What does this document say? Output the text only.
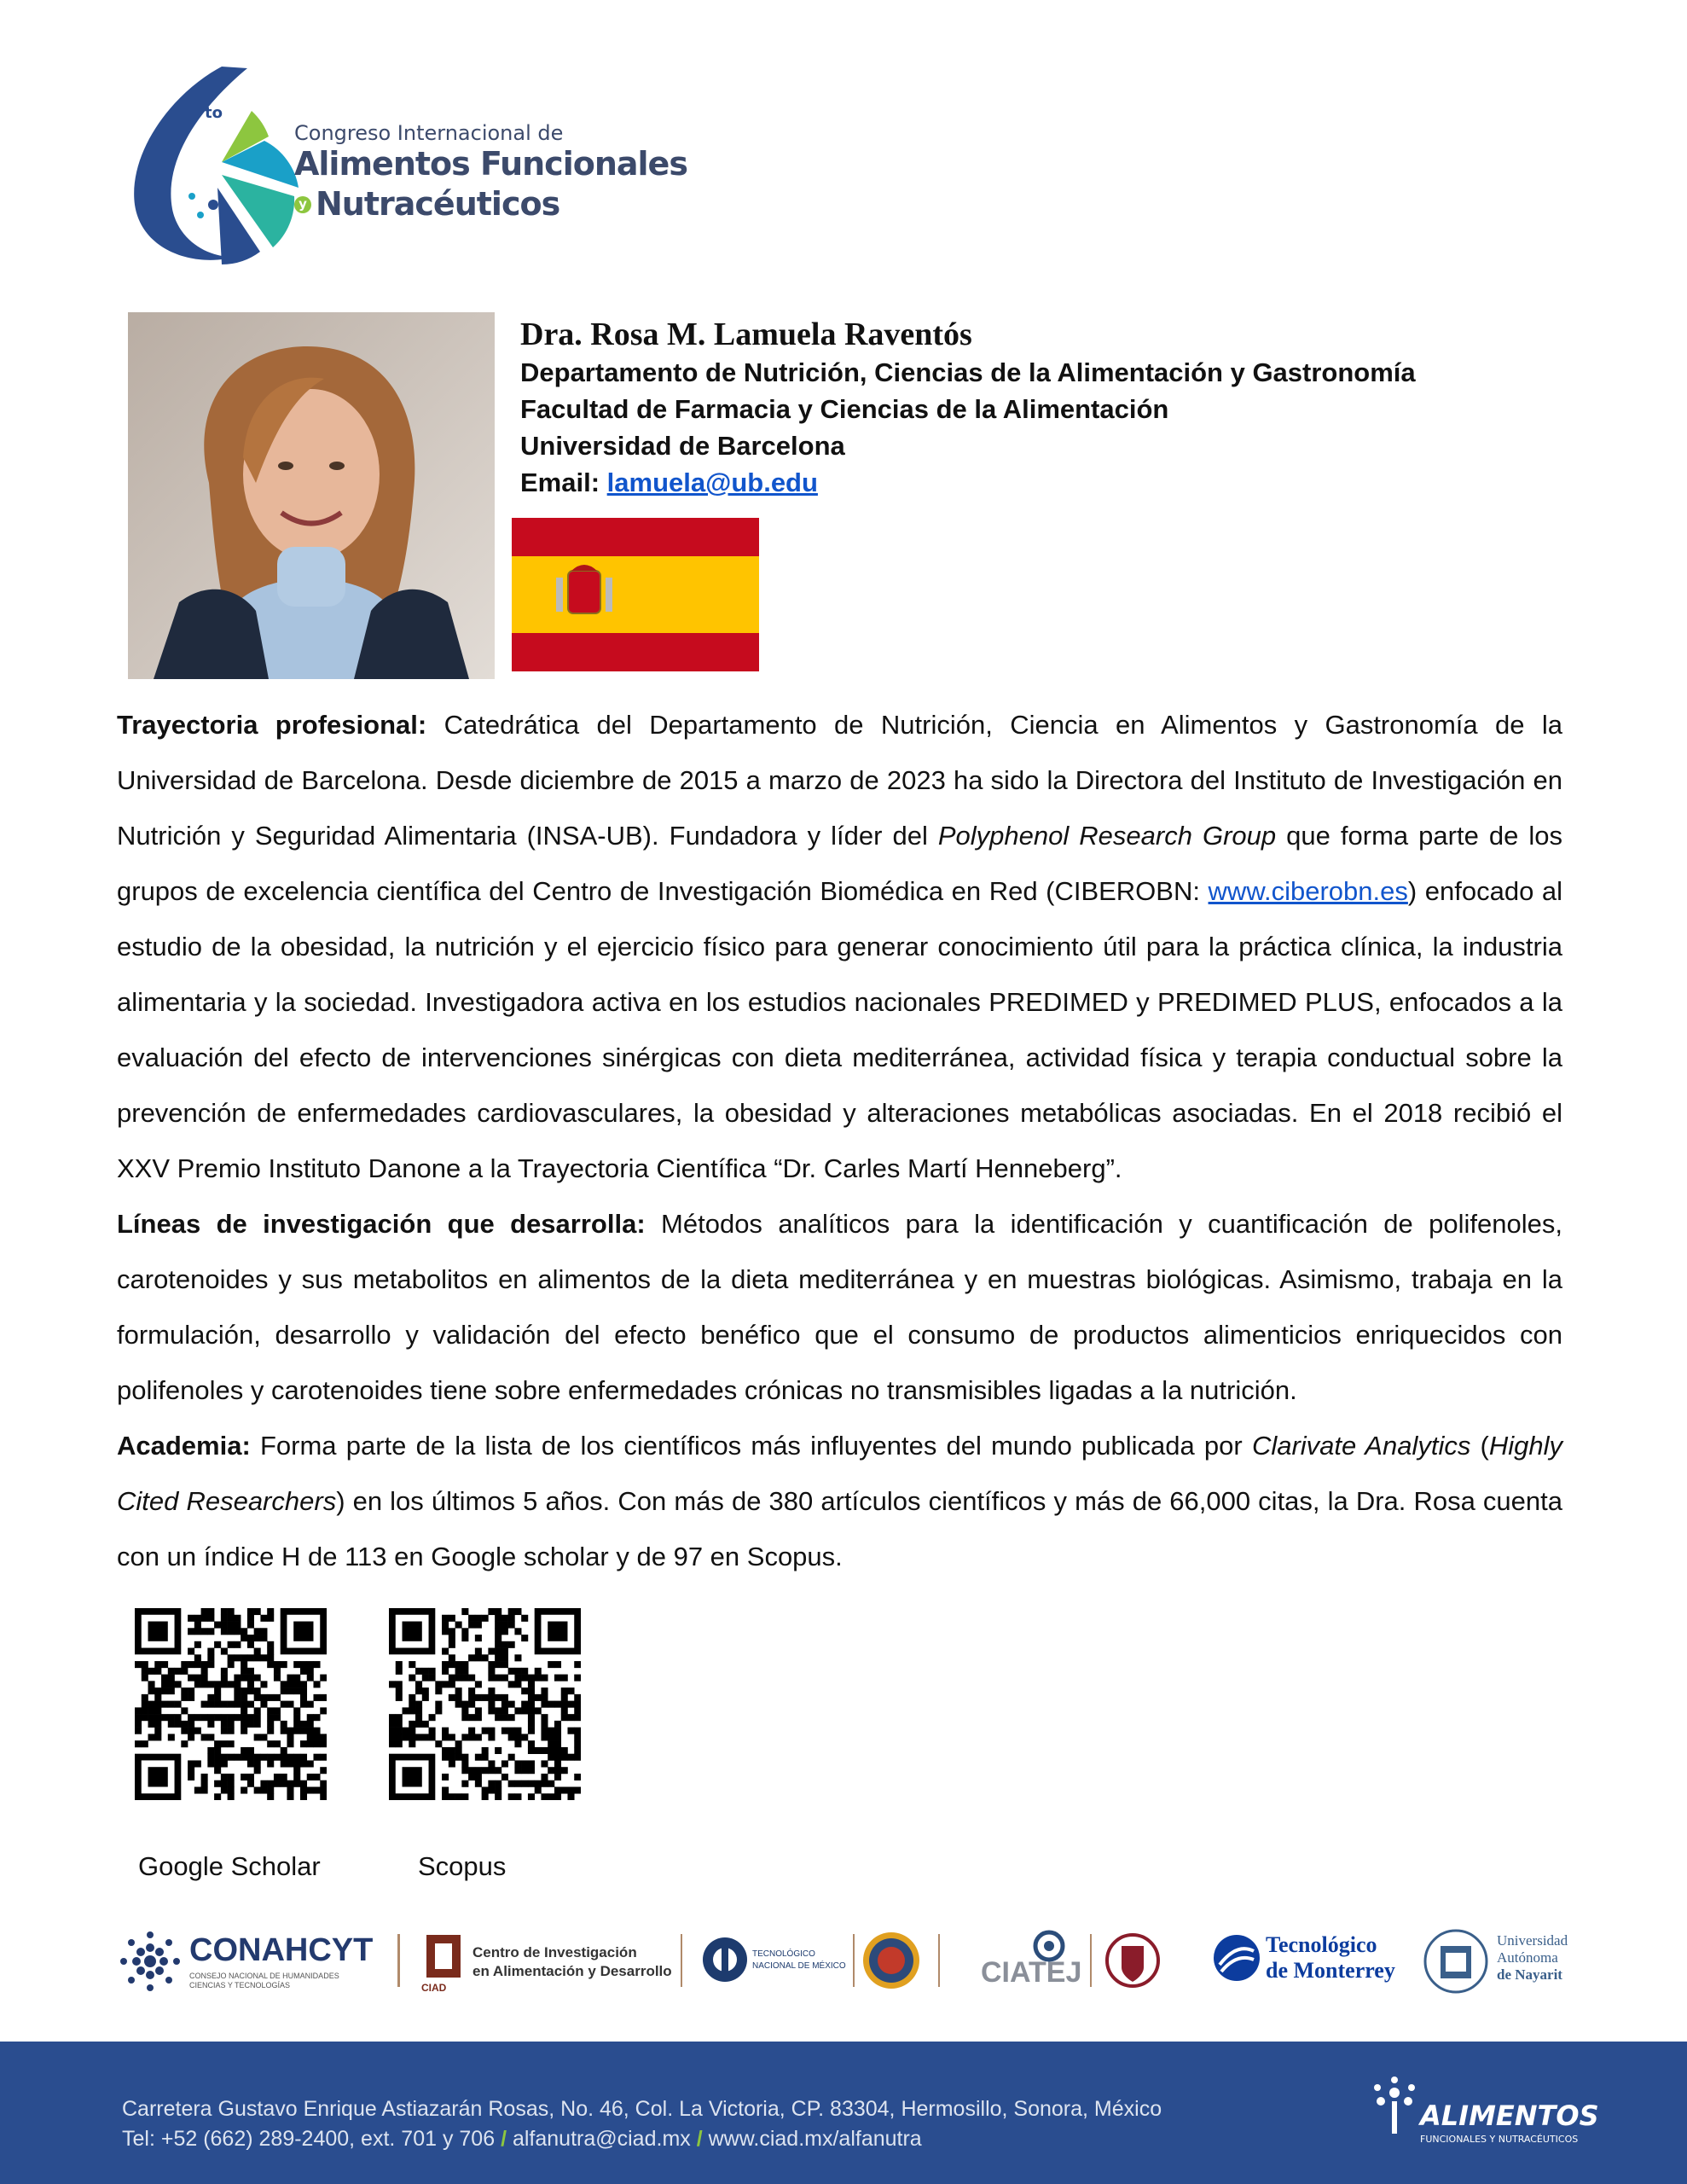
to
Congreso Internacional de
Alimentos Funcionales
y Nutracéuticos
Dra. Rosa M. Lamuela Raventós
Departamento de Nutrición, Ciencias de la Alimentación y Gastronomía
Facultad de Farmacia y Ciencias de la Alimentación
Universidad de Barcelona
Email: lamuela@ub.edu

Trayectoria profesional: Catedrática del Departamento de Nutrición, Ciencia en Alimentos y Gastronomía de la Universidad de Barcelona. Desde diciembre de 2015 a marzo de 2023 ha sido la Directora del Instituto de Investigación en Nutrición y Seguridad Alimentaria (INSA-UB). Fundadora y líder del Polyphenol Research Group que forma parte de los grupos de excelencia científica del Centro de Investigación Biomédica en Red (CIBEROBN: www.ciberobn.es) enfocado al estudio de la obesidad, la nutrición y el ejercicio físico para generar conocimiento útil para la práctica clínica, la industria alimentaria y la sociedad. Investigadora activa en los estudios nacionales PREDIMED y PREDIMED PLUS, enfocados a la evaluación del efecto de intervenciones sinérgicas con dieta mediterránea, actividad física y terapia conductual sobre la prevención de enfermedades cardiovasculares, la obesidad y alteraciones metabólicas asociadas. En el 2018 recibió el XXV Premio Instituto Danone a la Trayectoria Científica “Dr. Carles Martí Henneberg”.

Líneas de investigación que desarrolla: Métodos analíticos para la identificación y cuantificación de polifenoles, carotenoides y sus metabolitos en alimentos de la dieta mediterránea y en muestras biológicas. Asimismo, trabaja en la formulación, desarrollo y validación del efecto benéfico que el consumo de productos alimenticios enriquecidos con polifenoles y carotenoides tiene sobre enfermedades crónicas no transmisibles ligadas a la nutrición.

Academia: Forma parte de la lista de los científicos más influyentes del mundo publicada por Clarivate Analytics (Highly Cited Researchers) en los últimos 5 años. Con más de 380 artículos científicos y más de 66,000 citas, la Dra. Rosa cuenta con un índice H de 113 en Google scholar y de 97 en Scopus.

Google Scholar	Scopus
CONAHCYT
CONSEJO NACIONAL DE HUMANIDADES
CIENCIAS Y TECNOLOGÍAS	CIAD
Centro de Investigación
en Alimentación y Desarrollo
TECNOLÓGICO
NACIONAL DE MÉXICO	CIATEJ
Tecnológico
de Monterrey
Universidad
Autónoma
de Nayarit
Carretera Gustavo Enrique Astiazarán Rosas, No. 46, Col. La Victoria, CP. 83304, Hermosillo, Sonora, México
Tel: +52 (662) 289-2400, ext. 701 y 706 / alfanutra@ciad.mx / www.ciad.mx/alfanutra
ALIMENTOS
FUNCIONALES Y NUTRACÉUTICOS
